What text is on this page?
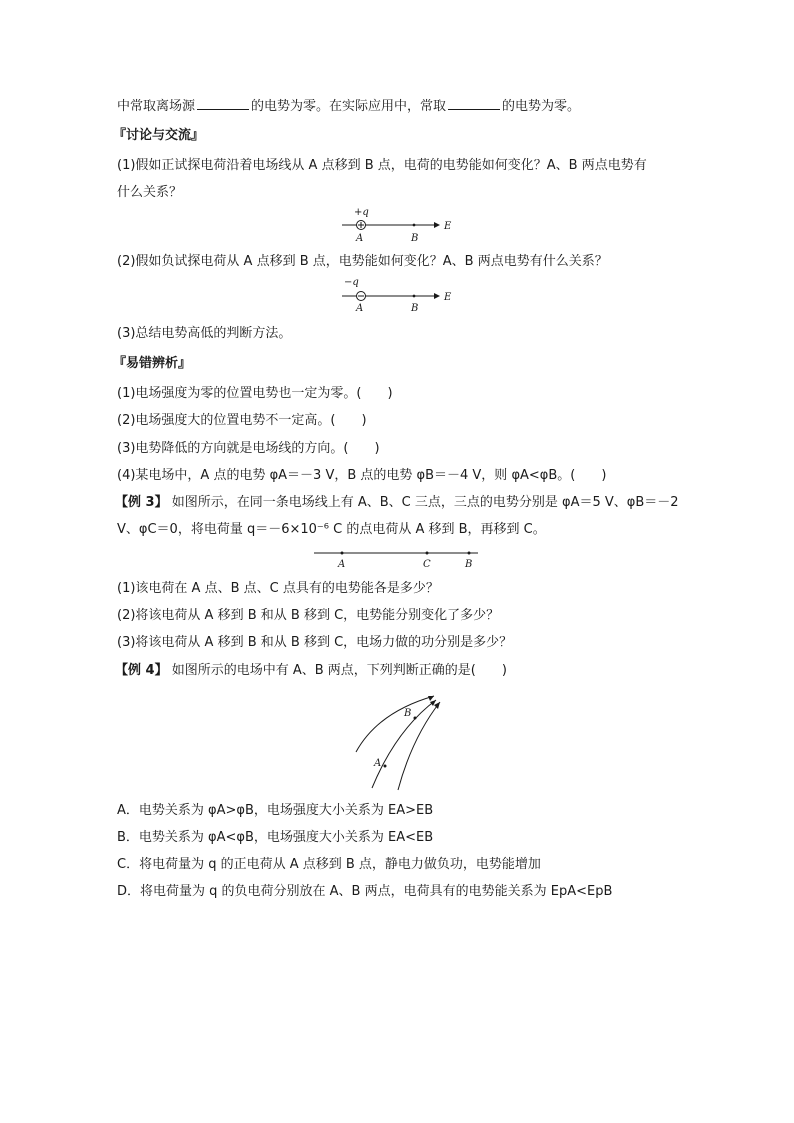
中常取离场源	的电势为零。在实际应用中，常取	的电势为零。
『讨论与交流』
(1)假如正试探电荷沿着电场线从 A 点移到 B 点，电荷的电势能如何变化？A、B 两点电势有
什么关系？
+q
A	B
E
(2)假如负试探电荷从 A 点移到 B 点，电势能如何变化？A、B 两点电势有什么关系？
−q
A	B
E
(3)总结电势高低的判断方法。
『易错辨析』
(1)电场强度为零的位置电势也一定为零。(　　)
(2)电场强度大的位置电势不一定高。(　　)
(3)电势降低的方向就是电场线的方向。(　　)
(4)某电场中，A 点的电势 φA＝－3 V，B 点的电势 φB＝－4 V，则 φA<φB。(　　)
【例 3】 如图所示，在同一条电场线上有 A、B、C 三点，三点的电势分别是 φA＝5 V、φB＝－2
V、φC＝0，将电荷量 q＝－6×10⁻⁶ C 的点电荷从 A 移到 B，再移到 C。
A	C	B
(1)该电荷在 A 点、B 点、C 点具有的电势能各是多少？
(2)将该电荷从 A 移到 B 和从 B 移到 C，电势能分别变化了多少？
(3)将该电荷从 A 移到 B 和从 B 移到 C，电场力做的功分别是多少？
【例 4】 如图所示的电场中有 A、B 两点，下列判断正确的是(　　)
A
B
A．电势关系为 φA>φB，电场强度大小关系为 EA>EB
B．电势关系为 φA<φB，电场强度大小关系为 EA<EB
C．将电荷量为 q 的正电荷从 A 点移到 B 点，静电力做负功，电势能增加
D．将电荷量为 q 的负电荷分别放在 A、B 两点，电荷具有的电势能关系为 EpA<EpB
